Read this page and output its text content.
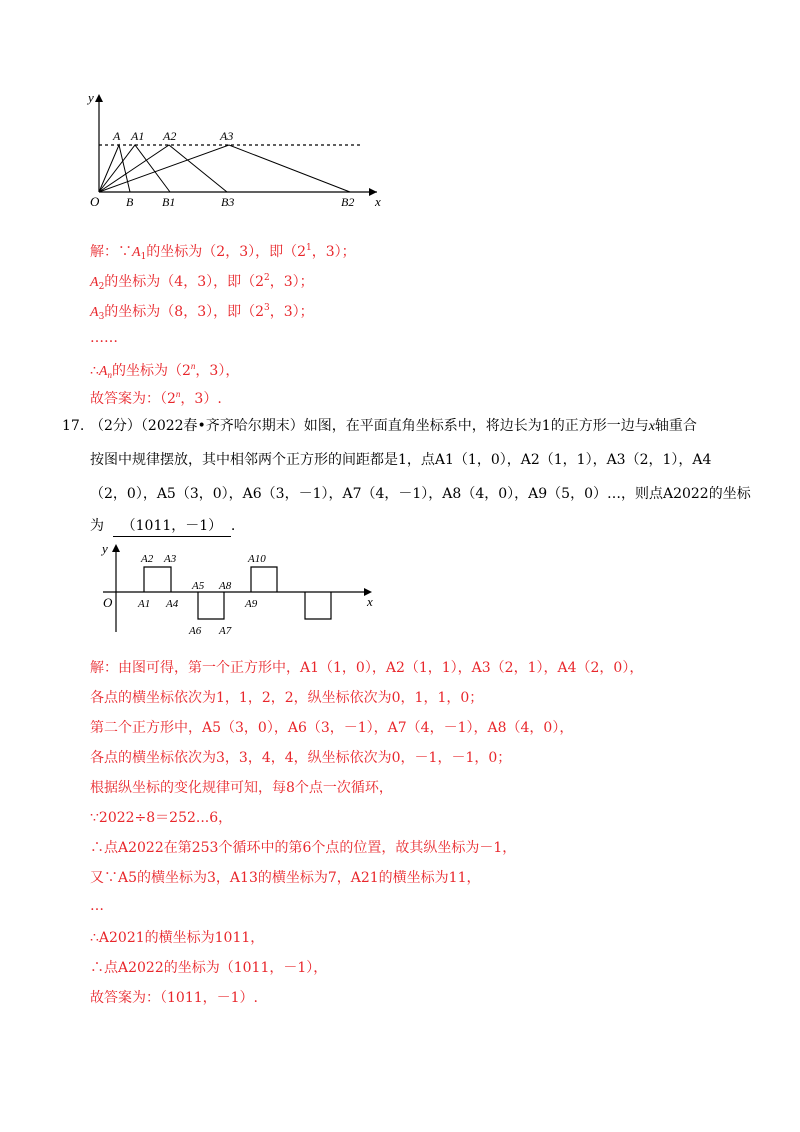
y
O	x
A A1 A2	A3
B B1	B3	B2
解：$\because A_1$的坐标为（2，3），即（$2^1$，3）；
$A_2$的坐标为（4，3），即（$2^2$，3）；
$A_3$的坐标为（8，3），即（$2^3$，3）；
……
$\therefore A_n$的坐标为（2$^n$，3），
故答案为：（2$^n$，3）.
17. （2分）（2022春•齐齐哈尔期末）如图，在平面直角坐标系中，将边长为1的正方形一边与x轴重合
按图中规律摆放，其中相邻两个正方形的间距都是1，点A1（1，0），A2（1，1），A3（2，1），A4
（2，0），A5（3，0），A6（3，－1），A7（4，－1），A8（4，0），A9（5，0）…，则点A2022的坐标
为 （1011，－1） .
y
O	x
A2 A3
A1 A4
A5 A8
A6 A7
A10
A9
解：由图可得，第一个正方形中，A1（1，0），A2（1，1），A3（2，1），A4（2，0），
各点的横坐标依次为1，1，2，2，纵坐标依次为0，1，1，0；
第二个正方形中，A5（3，0），A6（3，－1），A7（4，－1），A8（4，0），
各点的横坐标依次为3，3，4，4，纵坐标依次为0，－1，－1，0；
根据纵坐标的变化规律可知，每8个点一次循环，
∵2022÷8＝252...6，
∴点A2022在第253个循环中的第6个点的位置，故其纵坐标为－1，
又∵A5的横坐标为3，A13的横坐标为7，A21的横坐标为11，
…
∴A2021的横坐标为1011，
∴点A2022的坐标为（1011，－1），
故答案为：（1011，－1）.
